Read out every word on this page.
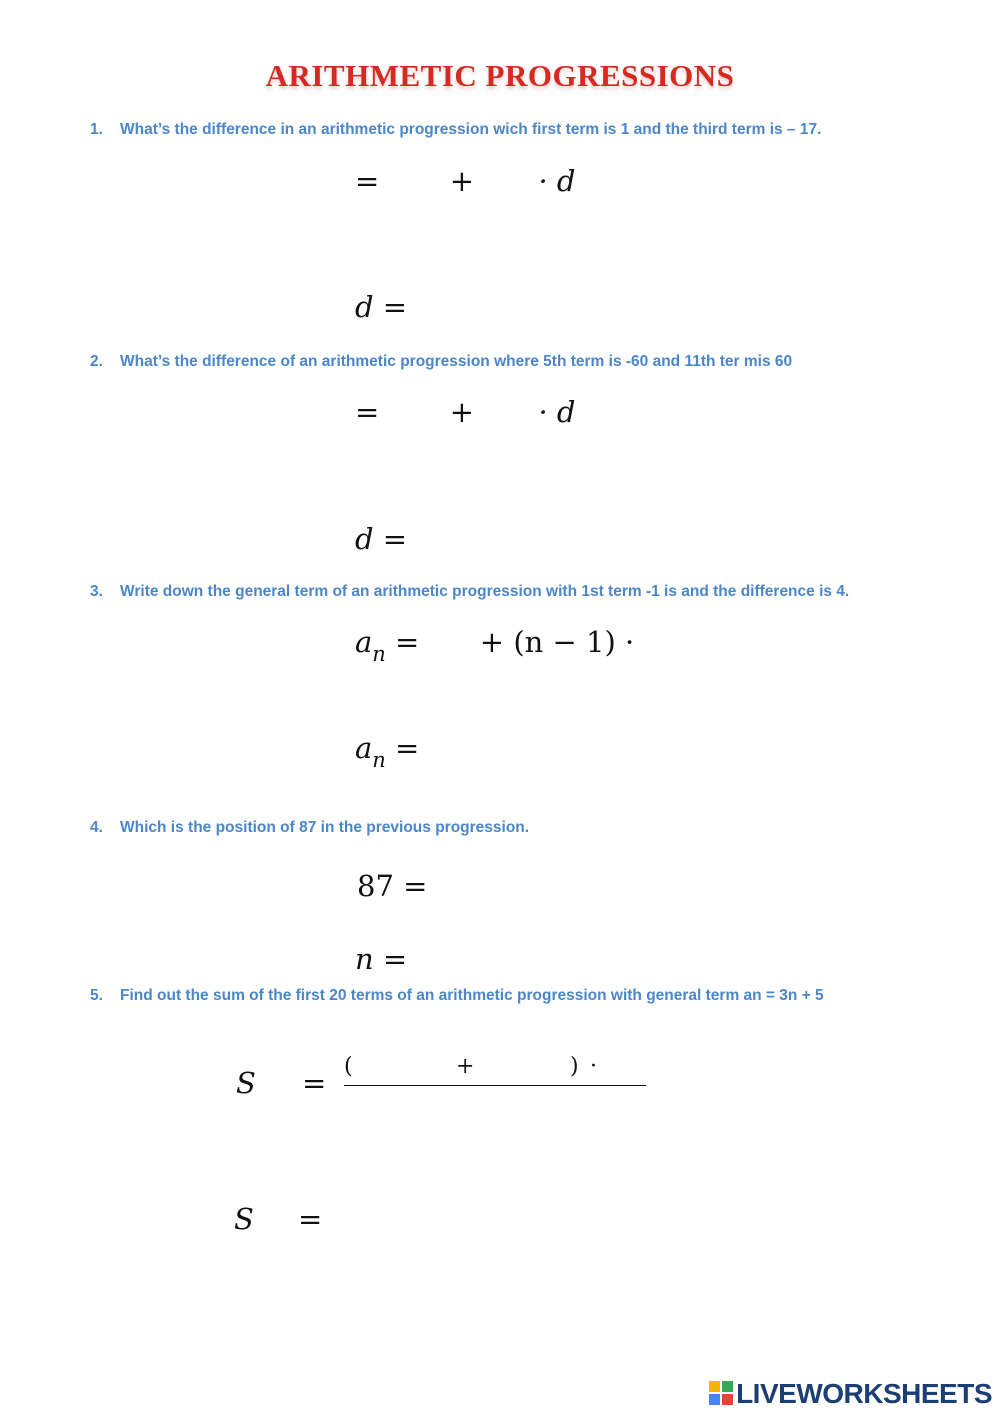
ARITHMETIC PROGRESSIONS
1. What’s the difference in an arithmetic progression wich first term is 1 and the third term is – 17.
= + · d
d =
2. What’s the difference of an arithmetic progression where 5th term is -60 and 11th ter mis 60
= + · d
d =
3. Write down the general term of an arithmetic progression with 1st term -1 is and the difference is 4.
$a_n$ = + (n − 1) ·
$a_n$ =
4. Which is the position of 87 in the previous progression.
87 =
n =
5. Find out the sum of the first 20 terms of an arithmetic progression with general term an = 3n + 5
S = (	+	) ·
S =
LIVEWORKSHEETS
